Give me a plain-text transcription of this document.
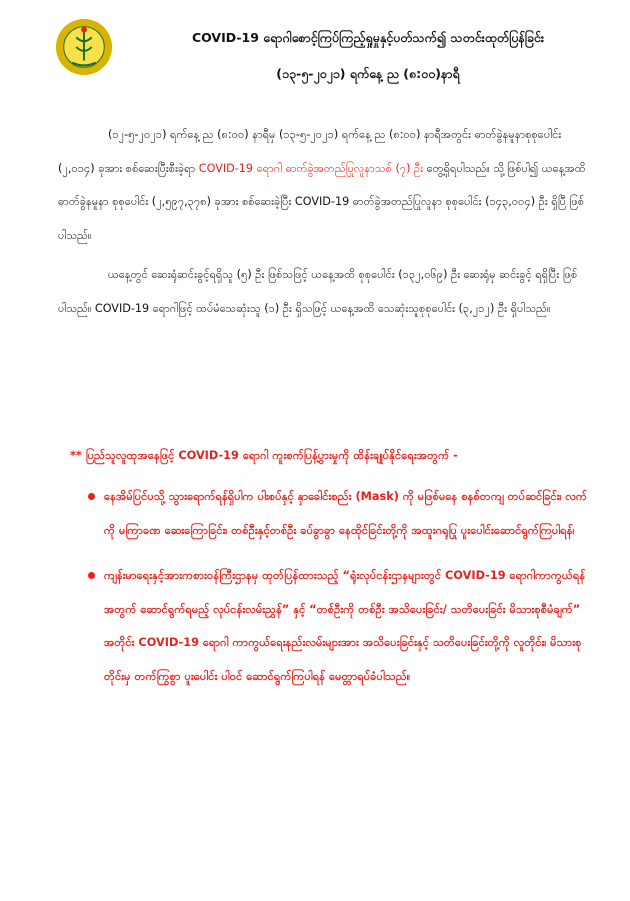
COVID-19 ရောဂါစောင့်ကြပ်ကြည့်ရှုမှုနှင့်ပတ်သက်၍ သတင်းထုတ်ပြန်ခြင်း
(၁၃-၅-၂၀၂၁) ရက်နေ့ ည (၈:၀၀)နာရီ
(၁၂-၅-၂၀၂၁) ရက်နေ့ ည (၈:၀၀) နာရီမှ (၁၃-၅-၂၀၂၁) ရက်နေ့ ည (၈:၀၀) နာရီအတွင်း ဓာတ်ခွဲနမူနာစုစုပေါင်း (၂,၀၁၄) ခုအား စစ်ဆေးပြီးစီးခဲ့ရာ COVID-19 ရောဂါ ဓာတ်ခွဲအတည်ပြုလူနာသစ် (၇) ဦး တွေ့ရှိရပါသည်။ သို့ဖြစ်ပါ၍ ယနေ့အထိ ဓာတ်ခွဲနမူနာ စုစုပေါင်း (၂,၅၉၇,၃၇၈) ခုအား စစ်ဆေးခဲ့ပြီး COVID-19 ဓာတ်ခွဲအတည်ပြုလူနာ စုစုပေါင်း (၁၄၃,၀၀၄) ဦး ရှိပြီ ဖြစ်ပါသည်။
ယနေ့တွင် ဆေးရုံဆင်းခွင့်ရရှိသူ (၅) ဦး ဖြစ်သဖြင့် ယနေ့အထိ စုစုပေါင်း (၁၃၂,၀၆၉) ဦး ဆေးရုံမှ ဆင်းခွင့် ရရှိပြီး ဖြစ်ပါသည်။ COVID-19 ရောဂါဖြင့် ထပ်မံသေဆုံးသူ (၁) ဦး ရှိသဖြင့် ယနေ့အထိ သေဆုံးသူစုစုပေါင်း (၃,၂၁၂) ဦး ရှိပါသည်။
** ပြည်သူလူထုအနေဖြင့် COVID-19 ရောဂါ ကူးစက်ပြန့်ပွားမှုကို ထိန်းချုပ်နိုင်ရေးအတွက် -
နေအိမ်ပြင်ပသို့ သွားရောက်ရန်ရှိပါက ပါးစပ်နှင့် နှာခေါင်းစည်း (Mask) ကို မဖြစ်မနေ စနစ်တကျ တပ်ဆင်ခြင်း၊ လက်ကို မကြာခဏ ဆေးကြောခြင်း၊ တစ်ဦးနှင့်တစ်ဦး ခပ်ခွာခွာ နေထိုင်ခြင်းတို့ကို အထူးဂရုပြု ပူးပေါင်းဆောင်ရွက်ကြပါရန်၊
ကျန်းမာရေးနှင့်အားကစားဝန်ကြီးဌာနမှ ထုတ်ပြန်ထားသည့် “ရုံးလုပ်ငန်းဌာနများတွင် COVID-19 ရောဂါကာကွယ်ရန်အတွက် ဆောင်ရွက်ရမည့် လုပ်ငန်းလမ်းညွှန်” နှင့် “တစ်ဦးကို တစ်ဦး အသိပေးခြင်း/ သတိပေးခြင်း မိသားစုစီမံချက်” အတိုင်း COVID-19 ရောဂါ ကာကွယ်ရေးနည်းလမ်းများအား အသိပေးခြင်းနှင့် သတိပေးခြင်းတို့ကို လူတိုင်း၊ မိသားစုတိုင်းမှ တက်ကြွစွာ ပူးပေါင်း ပါဝင် ဆောင်ရွက်ကြပါရန် မေတ္တာရပ်ခံပါသည်။
